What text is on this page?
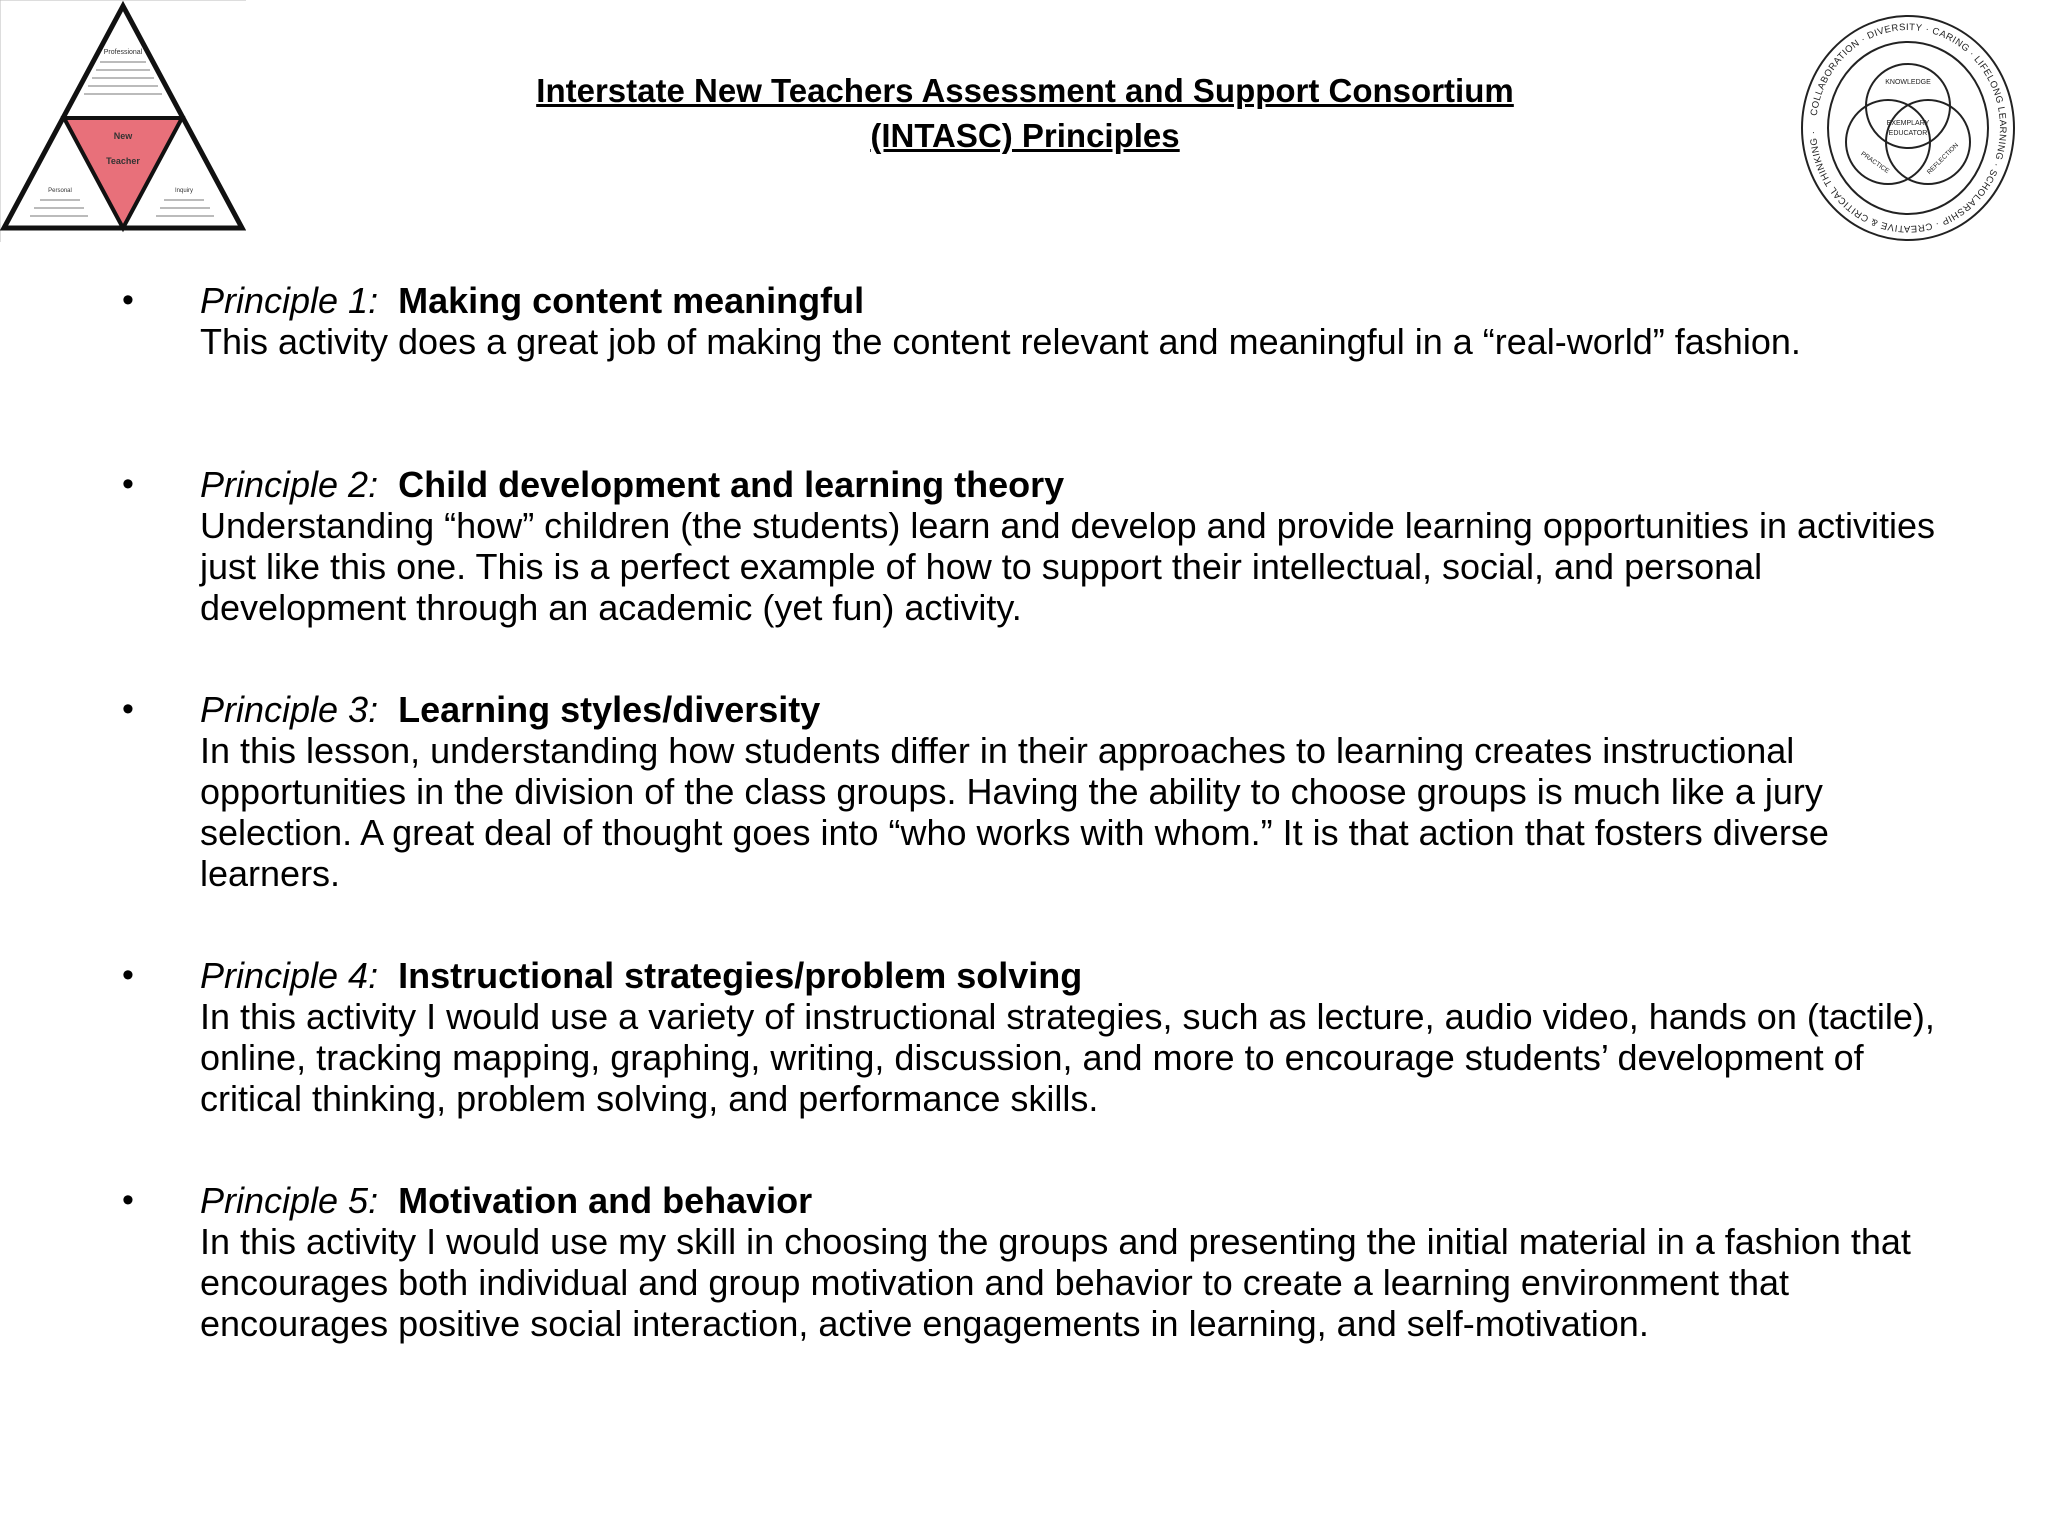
Professional
New
Teacher
Personal	Inquiry
Interstate New Teachers Assessment and Support Consortium
(INTASC) Principles
COLLABORATION · DIVERSITY · CARING · LIFELONG LEARNING · SCHOLARSHIP · CREATIVE & CRITICAL THINKING ·
KNOWLEDGE
PRACTICE	REFLECTION
EXEMPLARY
EDUCATOR
• Principle 1: Making content meaningful
This activity does a great job of making the content relevant and meaningful in a “real-world” fashion.
• Principle 2: Child development and learning theory
Understanding “how” children (the students) learn and develop and provide learning opportunities in activities just like this one. This is a perfect example of how to support their intellectual, social, and personal development through an academic (yet fun) activity.
• Principle 3: Learning styles/diversity
In this lesson, understanding how students differ in their approaches to learning creates instructional opportunities in the division of the class groups. Having the ability to choose groups is much like a jury selection. A great deal of thought goes into “who works with whom.” It is that action that fosters diverse learners.
• Principle 4: Instructional strategies/problem solving
In this activity I would use a variety of instructional strategies, such as lecture, audio video, hands on (tactile), online, tracking mapping, graphing, writing, discussion, and more to encourage students’ development of critical thinking, problem solving, and performance skills.
• Principle 5: Motivation and behavior
In this activity I would use my skill in choosing the groups and presenting the initial material in a fashion that encourages both individual and group motivation and behavior to create a learning environment that encourages positive social interaction, active engagements in learning, and self-motivation.
